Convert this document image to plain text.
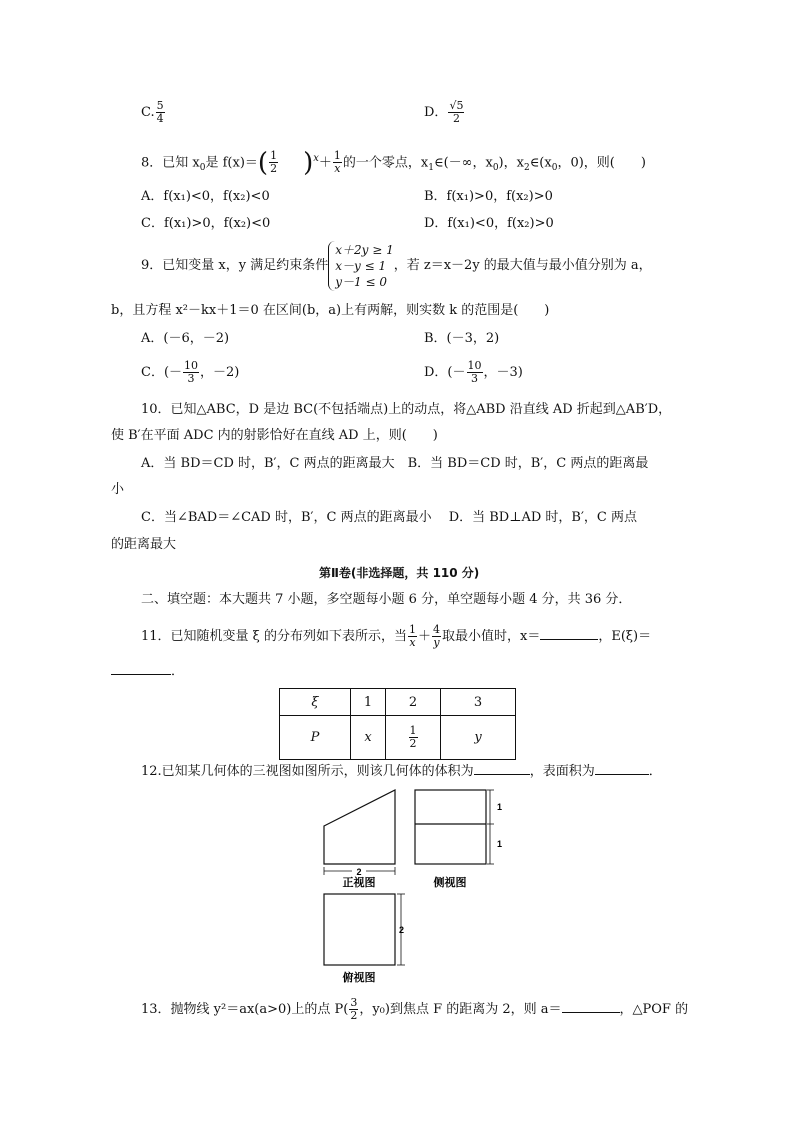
C. $\frac{5}{4}$	D． $\frac{√5}{2}$
8．已知 $x_0$是 $f(x)=( \frac{1}{2} )^x+ \frac{1}{x}$ 的一个零点，$x_1\in(-\infty$，$x_0$)，$x_2\in(x_0$，0)，则(　　)
A．f(x₁)<0，f(x₂)<0	B．f(x₁)>0，f(x₂)>0
C．f(x₁)>0，f(x₂)<0	D．f(x₁)<0，f(x₂)>0
9．已知变量 x，y 满足约束条件
x＋2y ≥ 1
x－y ≤ 1
y－1 ≤ 0
，若 z＝x－2y 的最大值与最小值分别为 a，
b，且方程 x²－kx＋1＝0 在区间(b，a)上有两解，则实数 k 的范围是(　　)
A．(－6，－2)	B．(－3，2)
C．(－ $\frac{10}{3}$ ，－2)	D．(－ $\frac{10}{3}$ ，－3)
10．已知△ABC，D 是边 BC(不包括端点)上的动点，将△ABD 沿直线 AD 折起到△AB′D，
使 B′在平面 ADC 内的射影恰好在直线 AD 上，则(　　)
A．当 BD＝CD 时，B′，C 两点的距离最大　B．当 BD＝CD 时，B′，C 两点的距离最
小
C．当∠BAD＝∠CAD 时，B′，C 两点的距离最小　 D．当 BD⊥AD 时，B′，C 两点
的距离最大
第Ⅱ卷(非选择题，共 110 分)
二、填空题：本大题共 7 小题，多空题每小题 6 分，单空题每小题 4 分，共 36 分．
11．已知随机变量 ξ 的分布列如下表所示，当 $\frac{1}{x} + \frac{4}{y}$ 取最小值时，x＝	，E(ξ)＝
．
ξ	1	2	3
P	x	$\frac{1}{2}$	y
12.已知某几何体的三视图如图所示，则该几何体的体积为	，表面积为	．
2
正视图
1
1
侧视图
2
俯视图
13．抛物线 y²＝ax(a>0)上的点 $P( \frac{3}{2}$ ，y₀)到焦点 F 的距离为 2，则 a＝	，△POF 的
